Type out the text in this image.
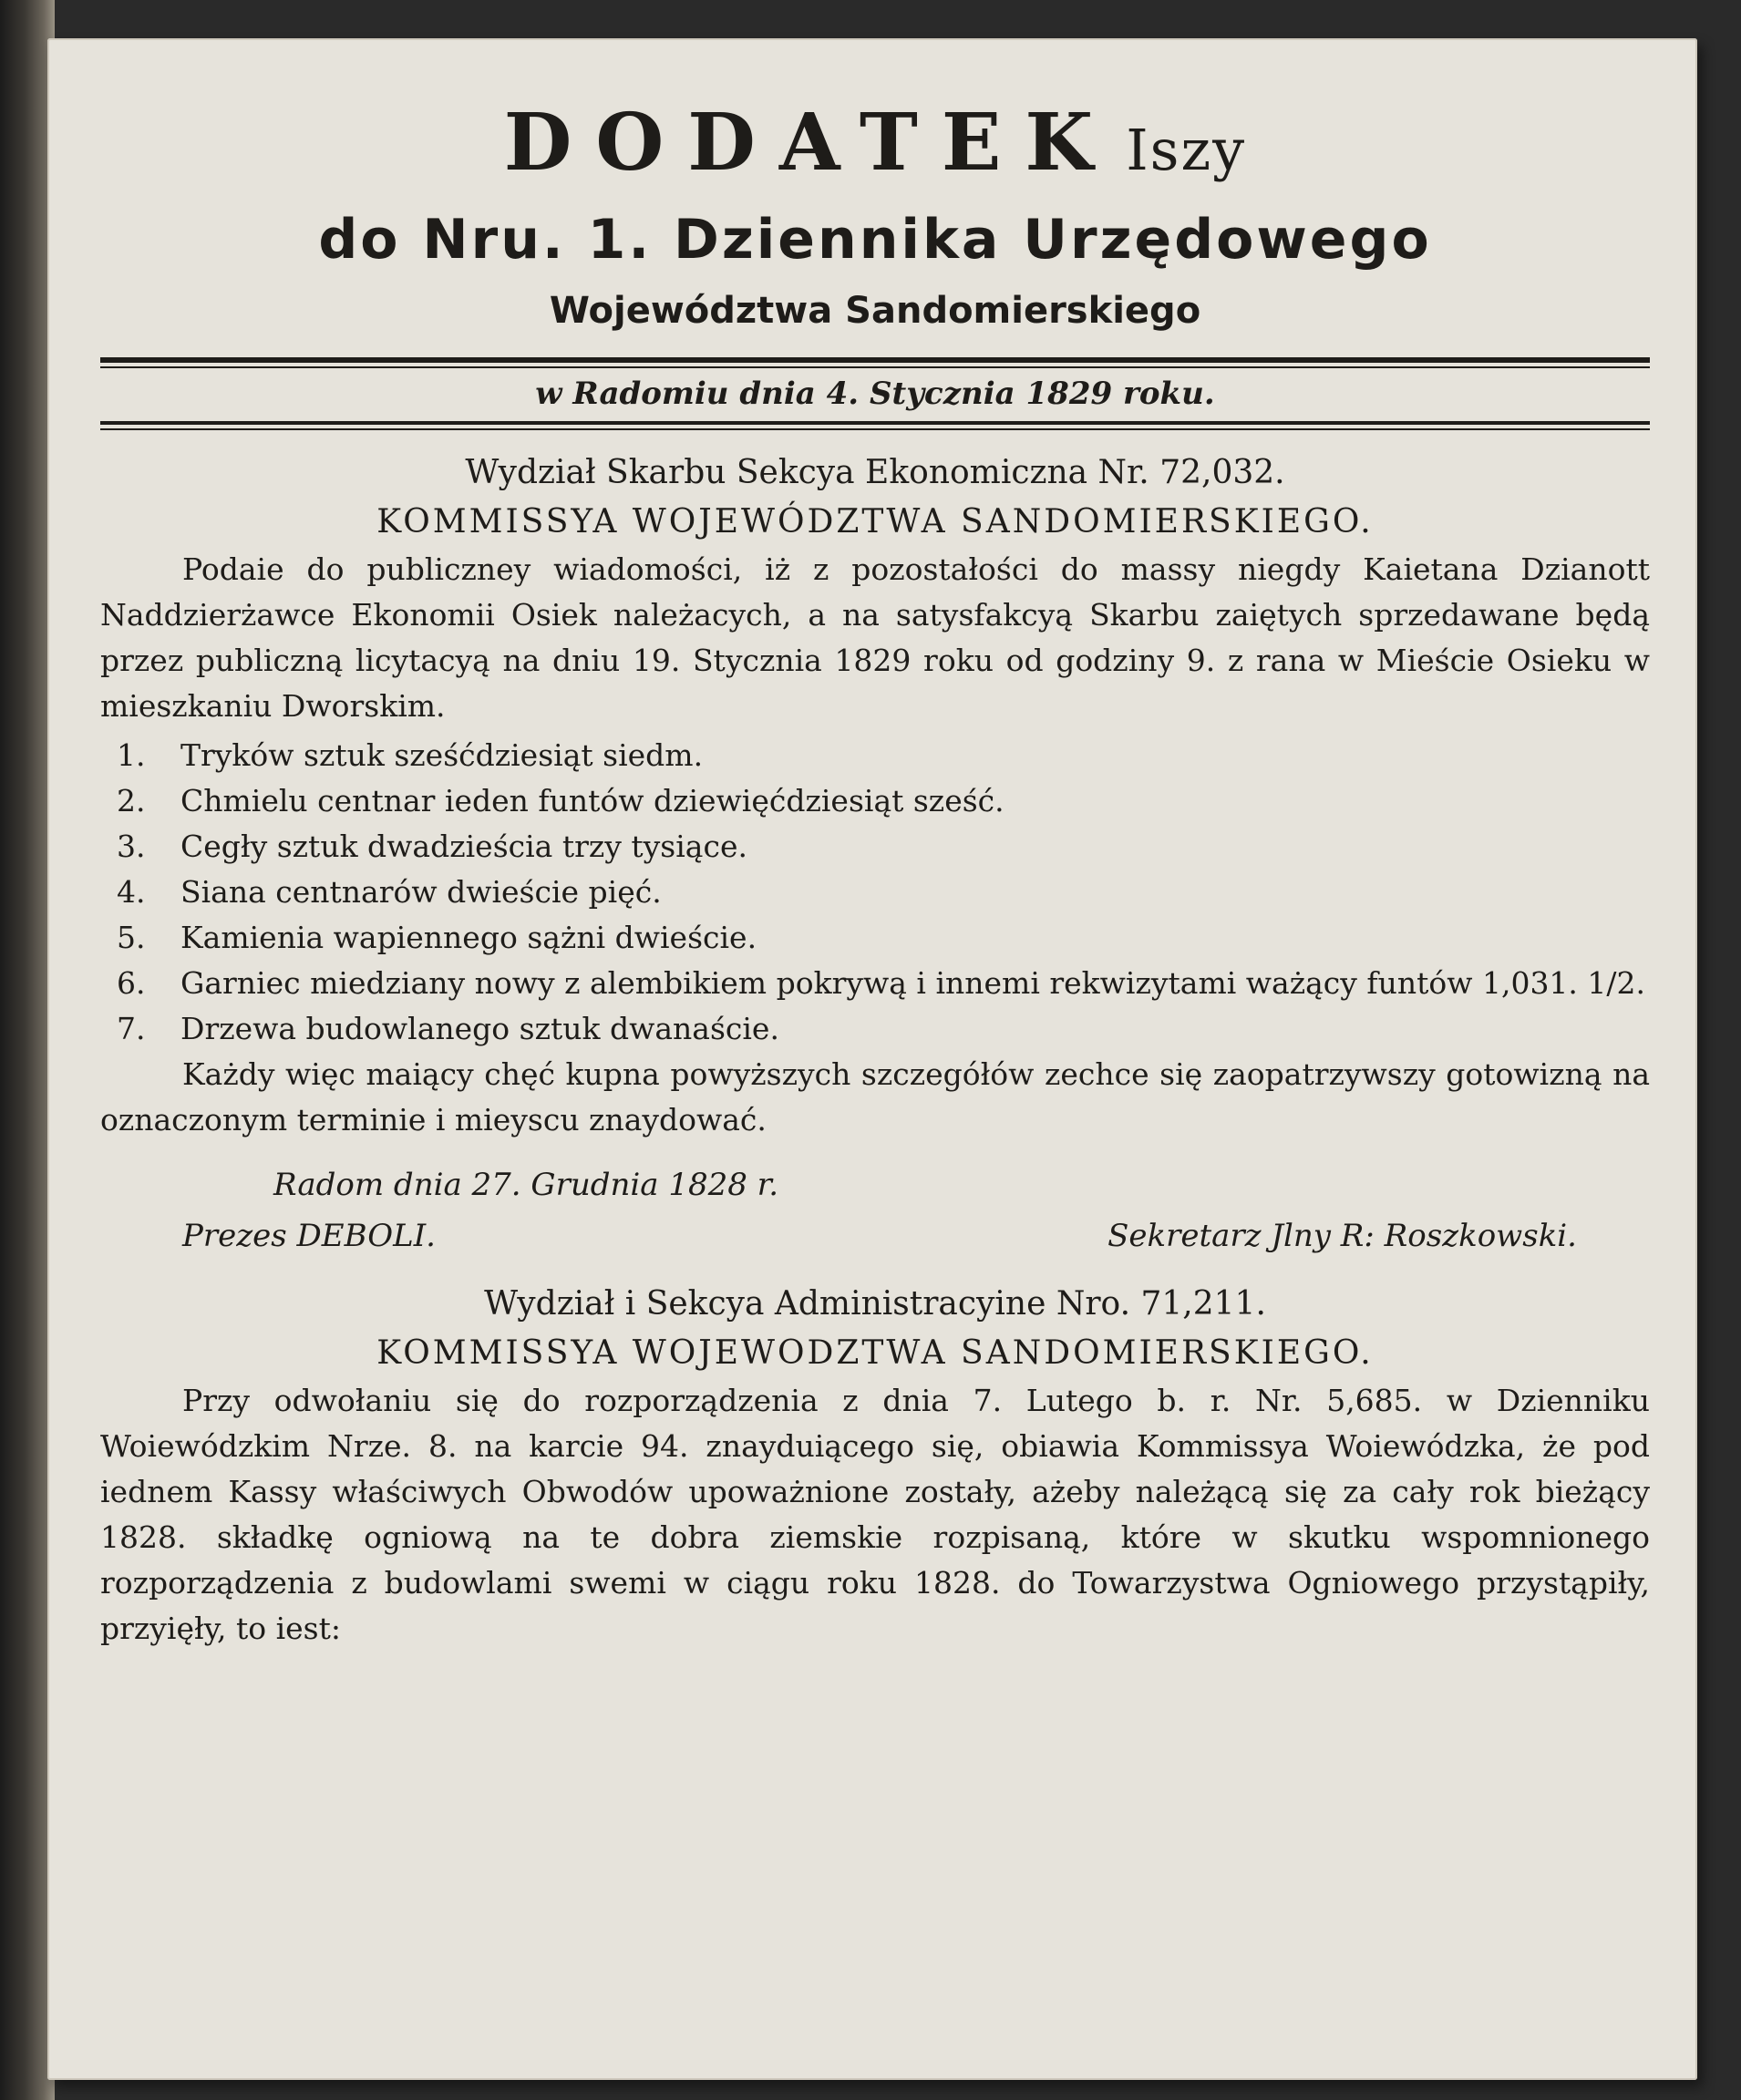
DODATEK Iszy
do Nru. 1. Dziennika Urzędowego
Województwa Sandomierskiego
w Radomiu dnia 4. Stycznia 1829 roku.
Wydział Skarbu Sekcya Ekonomiczna Nr. 72,032.
KOMMISSYA WOJEWÓDZTWA SANDOMIERSKIEGO.

Podaie do publiczney wiadomości, iż z pozostałości do massy niegdy Kaietana Dzianott Naddzierżawce Ekonomii Osiek należacych, a na satysfakcyą Skarbu zaiętych sprzedawane będą przez publiczną licytacyą na dniu 19. Stycznia 1829 roku od godziny 9. z rana w Mieście Osieku w mieszkaniu Dworskim.

1.	Tryków sztuk sześćdziesiąt siedm.
2.	Chmielu centnar ieden funtów dziewięćdziesiąt sześć.
3.	Cegły sztuk dwadzieścia trzy tysiące.
4.	Siana centnarów dwieście pięć.
5.	Kamienia wapiennego sążni dwieście.
6.	Garniec miedziany nowy z alembikiem pokrywą i innemi rekwizytami ważący funtów 1,031. 1/2.
7.	Drzewa budowlanego sztuk dwanaście.

Każdy więc maiący chęć kupna powyższych szczegółów zechce się zaopatrzywszy gotowizną na oznaczonym terminie i mieyscu znaydować.

Radom dnia 27. Grudnia 1828 r.
Prezes DEBOLI.	Sekretarz Jlny R: Roszkowski.
Wydział i Sekcya Administracyine Nro. 71,211.
KOMMISSYA WOJEWODZTWA SANDOMIERSKIEGO.

Przy odwołaniu się do rozporządzenia z dnia 7. Lutego b. r. Nr. 5,685. w Dzienniku Woiewódzkim Nrze. 8. na karcie 94. znayduiącego się, obiawia Kommissya Woiewódzka, że pod iednem Kassy właściwych Obwodów upoważnione zostały, ażeby należącą się za cały rok bieżący 1828. składkę ogniową na te dobra ziemskie rozpisaną, które w skutku wspomnionego rozporządzenia z budowlami swemi w ciągu roku 1828. do Towarzystwa Ogniowego przystąpiły, przyięły, to iest:
